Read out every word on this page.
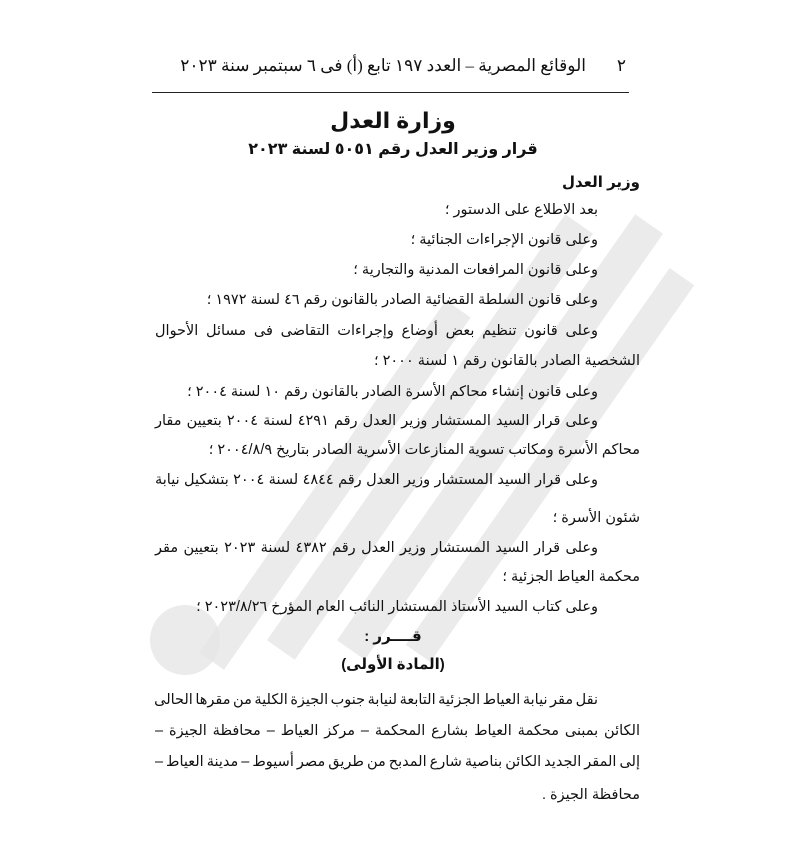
٢
الوقائع المصرية – العدد ١٩٧ تابع (أ) فى ٦ سبتمبر سنة ٢٠٢٣
وزارة العدل
قرار وزير العدل رقم ٥٠٥١ لسنة ٢٠٢٣
وزير العدل
بعد الاطلاع على الدستور ؛
وعلى قانون الإجراءات الجنائية ؛
وعلى قانون المرافعات المدنية والتجارية ؛
وعلى قانون السلطة القضائية الصادر بالقانون رقم ٤٦ لسنة ١٩٧٢ ؛
وعلى قانون تنظيم بعض أوضاع وإجراءات التقاضى فى مسائل الأحوال
الشخصية الصادر بالقانون رقم ١ لسنة ٢٠٠٠ ؛
وعلى قانون إنشاء محاكم الأسرة الصادر بالقانون رقم ١٠ لسنة ٢٠٠٤ ؛
وعلى قرار السيد المستشار وزير العدل رقم ٤٢٩١ لسنة ٢٠٠٤ بتعيين مقار
محاكم الأسرة ومكاتب تسوية المنازعات الأسرية الصادر بتاريخ ٢٠٠٤/٨/٩ ؛
وعلى قرار السيد المستشار وزير العدل رقم ٤٨٤٤ لسنة ٢٠٠٤ بتشكيل نيابة
شئون الأسرة ؛
وعلى قرار السيد المستشار وزير العدل رقم ٤٣٨٢ لسنة ٢٠٢٣ بتعيين مقر
محكمة العياط الجزئية ؛
وعلى كتاب السيد الأستاذ المستشار النائب العام المؤرخ ٢٠٢٣/٨/٢٦ ؛
قــــرر :
(المادة الأولى)
نقل مقر نيابة العياط الجزئية التابعة لنيابة جنوب الجيزة الكلية من مقرها الحالى
الكائن بمبنى محكمة العياط بشارع المحكمة – مركز العياط – محافظة الجيزة –
إلى المقر الجديد الكائن بناصية شارع المدبح من طريق مصر أسيوط – مدينة العياط –
محافظة الجيزة .
